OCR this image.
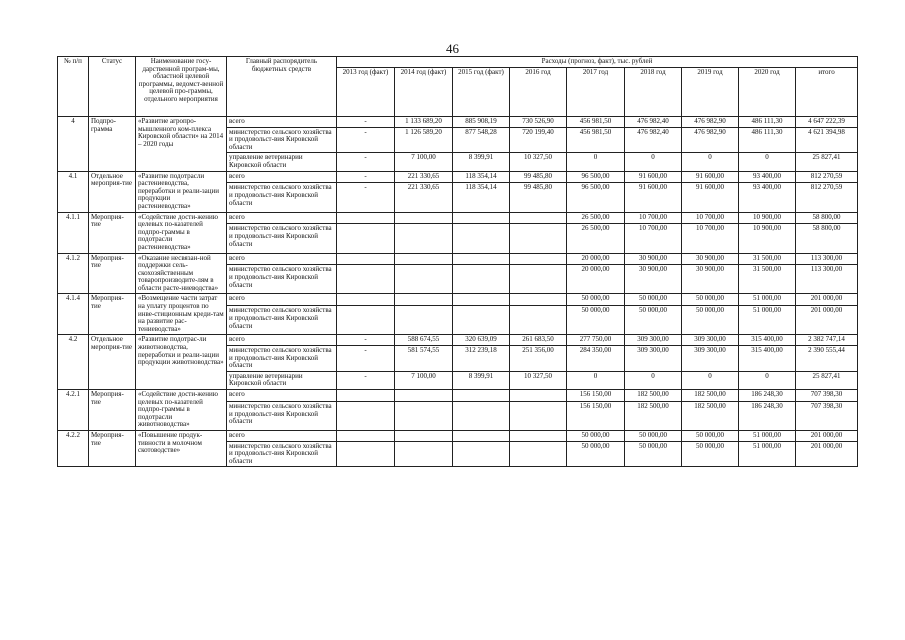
46
№ п/п	Статус	Наименование госу-дарственной програм-мы, областной целевой программы, ведомст-венной целевой про-граммы, отдельного мероприятия	Главный распорядитель бюджетных средств	Расходы (прогноз, факт), тыс. рублей								
				2013 год (факт)	2014 год (факт)	2015 год (факт)	2016 год	2017 год	2018 год	2019 год	2020 год	итого
4	Подпро-грамма	«Развитие агропро-мышленного ком-плекса Кировской области» на 2014 – 2020 годы	всего	-	1 133 689,20	885 908,19	730 526,90	456 981,50	476 982,40	476 982,90	486 111,30	4 647 222,39
			министерство сельского хозяйства и продовольст-вия Кировской области	-	1 126 589,20	877 548,28	720 199,40	456 981,50	476 982,40	476 982,90	486 111,30	4 621 394,98
			управление ветеринарии Кировской области	-	7 100,00	8 399,91	10 327,50	0	0	0	0	25 827,41
4.1	Отдельное мероприя-тие	«Развитие подотрасли растениеводства, переработки и реали-зации продукции растениеводства»	всего	-	221 330,65	118 354,14	99 485,80	96 500,00	91 600,00	91 600,00	93 400,00	812 270,59
			министерство сельского хозяйства и продовольст-вия Кировской области	-	221 330,65	118 354,14	99 485,80	96 500,00	91 600,00	91 600,00	93 400,00	812 270,59
4.1.1	Мероприя-тие	«Содействие дости-жению целевых по-казателей подпро-граммы в подотрасли растениеводства»	всего					26 500,00	10 700,00	10 700,00	10 900,00	58 800,00
			министерство сельского хозяйства и продовольст-вия Кировской области					26 500,00	10 700,00	10 700,00	10 900,00	58 800,00
4.1.2	Мероприя-тие	«Оказание несвязан-ной поддержки сель-скохозяйственным товаропроизводите-лям в области расте-ниеводства»	всего					20 000,00	30 900,00	30 900,00	31 500,00	113 300,00
			министерство сельского хозяйства и продовольст-вия Кировской области					20 000,00	30 900,00	30 900,00	31 500,00	113 300,00
4.1.4	Мероприя-тие	«Возмещение части затрат на уплату процентов по инве-стиционным креди-там на развитие рас-тениеводства»	всего					50 000,00	50 000,00	50 000,00	51 000,00	201 000,00
			министерство сельского хозяйства и продовольст-вия Кировской области					50 000,00	50 000,00	50 000,00	51 000,00	201 000,00
4.2	Отдельное мероприя-тие	«Развитие подотрас-ли животноводства, переработки и реали-зации продукции животноводства»	всего	-	588 674,55	320 639,09	261 683,50	277 750,00	309 300,00	309 300,00	315 400,00	2 382 747,14
			министерство сельского хозяйства и продовольст-вия Кировской области	-	581 574,55	312 239,18	251 356,00	284 350,00	309 300,00	309 300,00	315 400,00	2 390 555,44
			управление ветеринарии Кировской области	-	7 100,00	8 399,91	10 327,50	0	0	0	0	25 827,41
4.2.1	Мероприя-тие	«Содействие дости-жению целевых по-казателей подпро-граммы в подотрасли животноводства»	всего					156 150,00	182 500,00	182 500,00	186 248,30	707 398,30
			министерство сельского хозяйства и продовольст-вия Кировской области					156 150,00	182 500,00	182 500,00	186 248,30	707 398,30
4.2.2	Мероприя-тие	«Повышение продук-тивности в молочном скотоводстве»	всего					50 000,00	50 000,00	50 000,00	51 000,00	201 000,00
			министерство сельского хозяйства и продовольст-вия Кировской области					50 000,00	50 000,00	50 000,00	51 000,00	201 000,00
